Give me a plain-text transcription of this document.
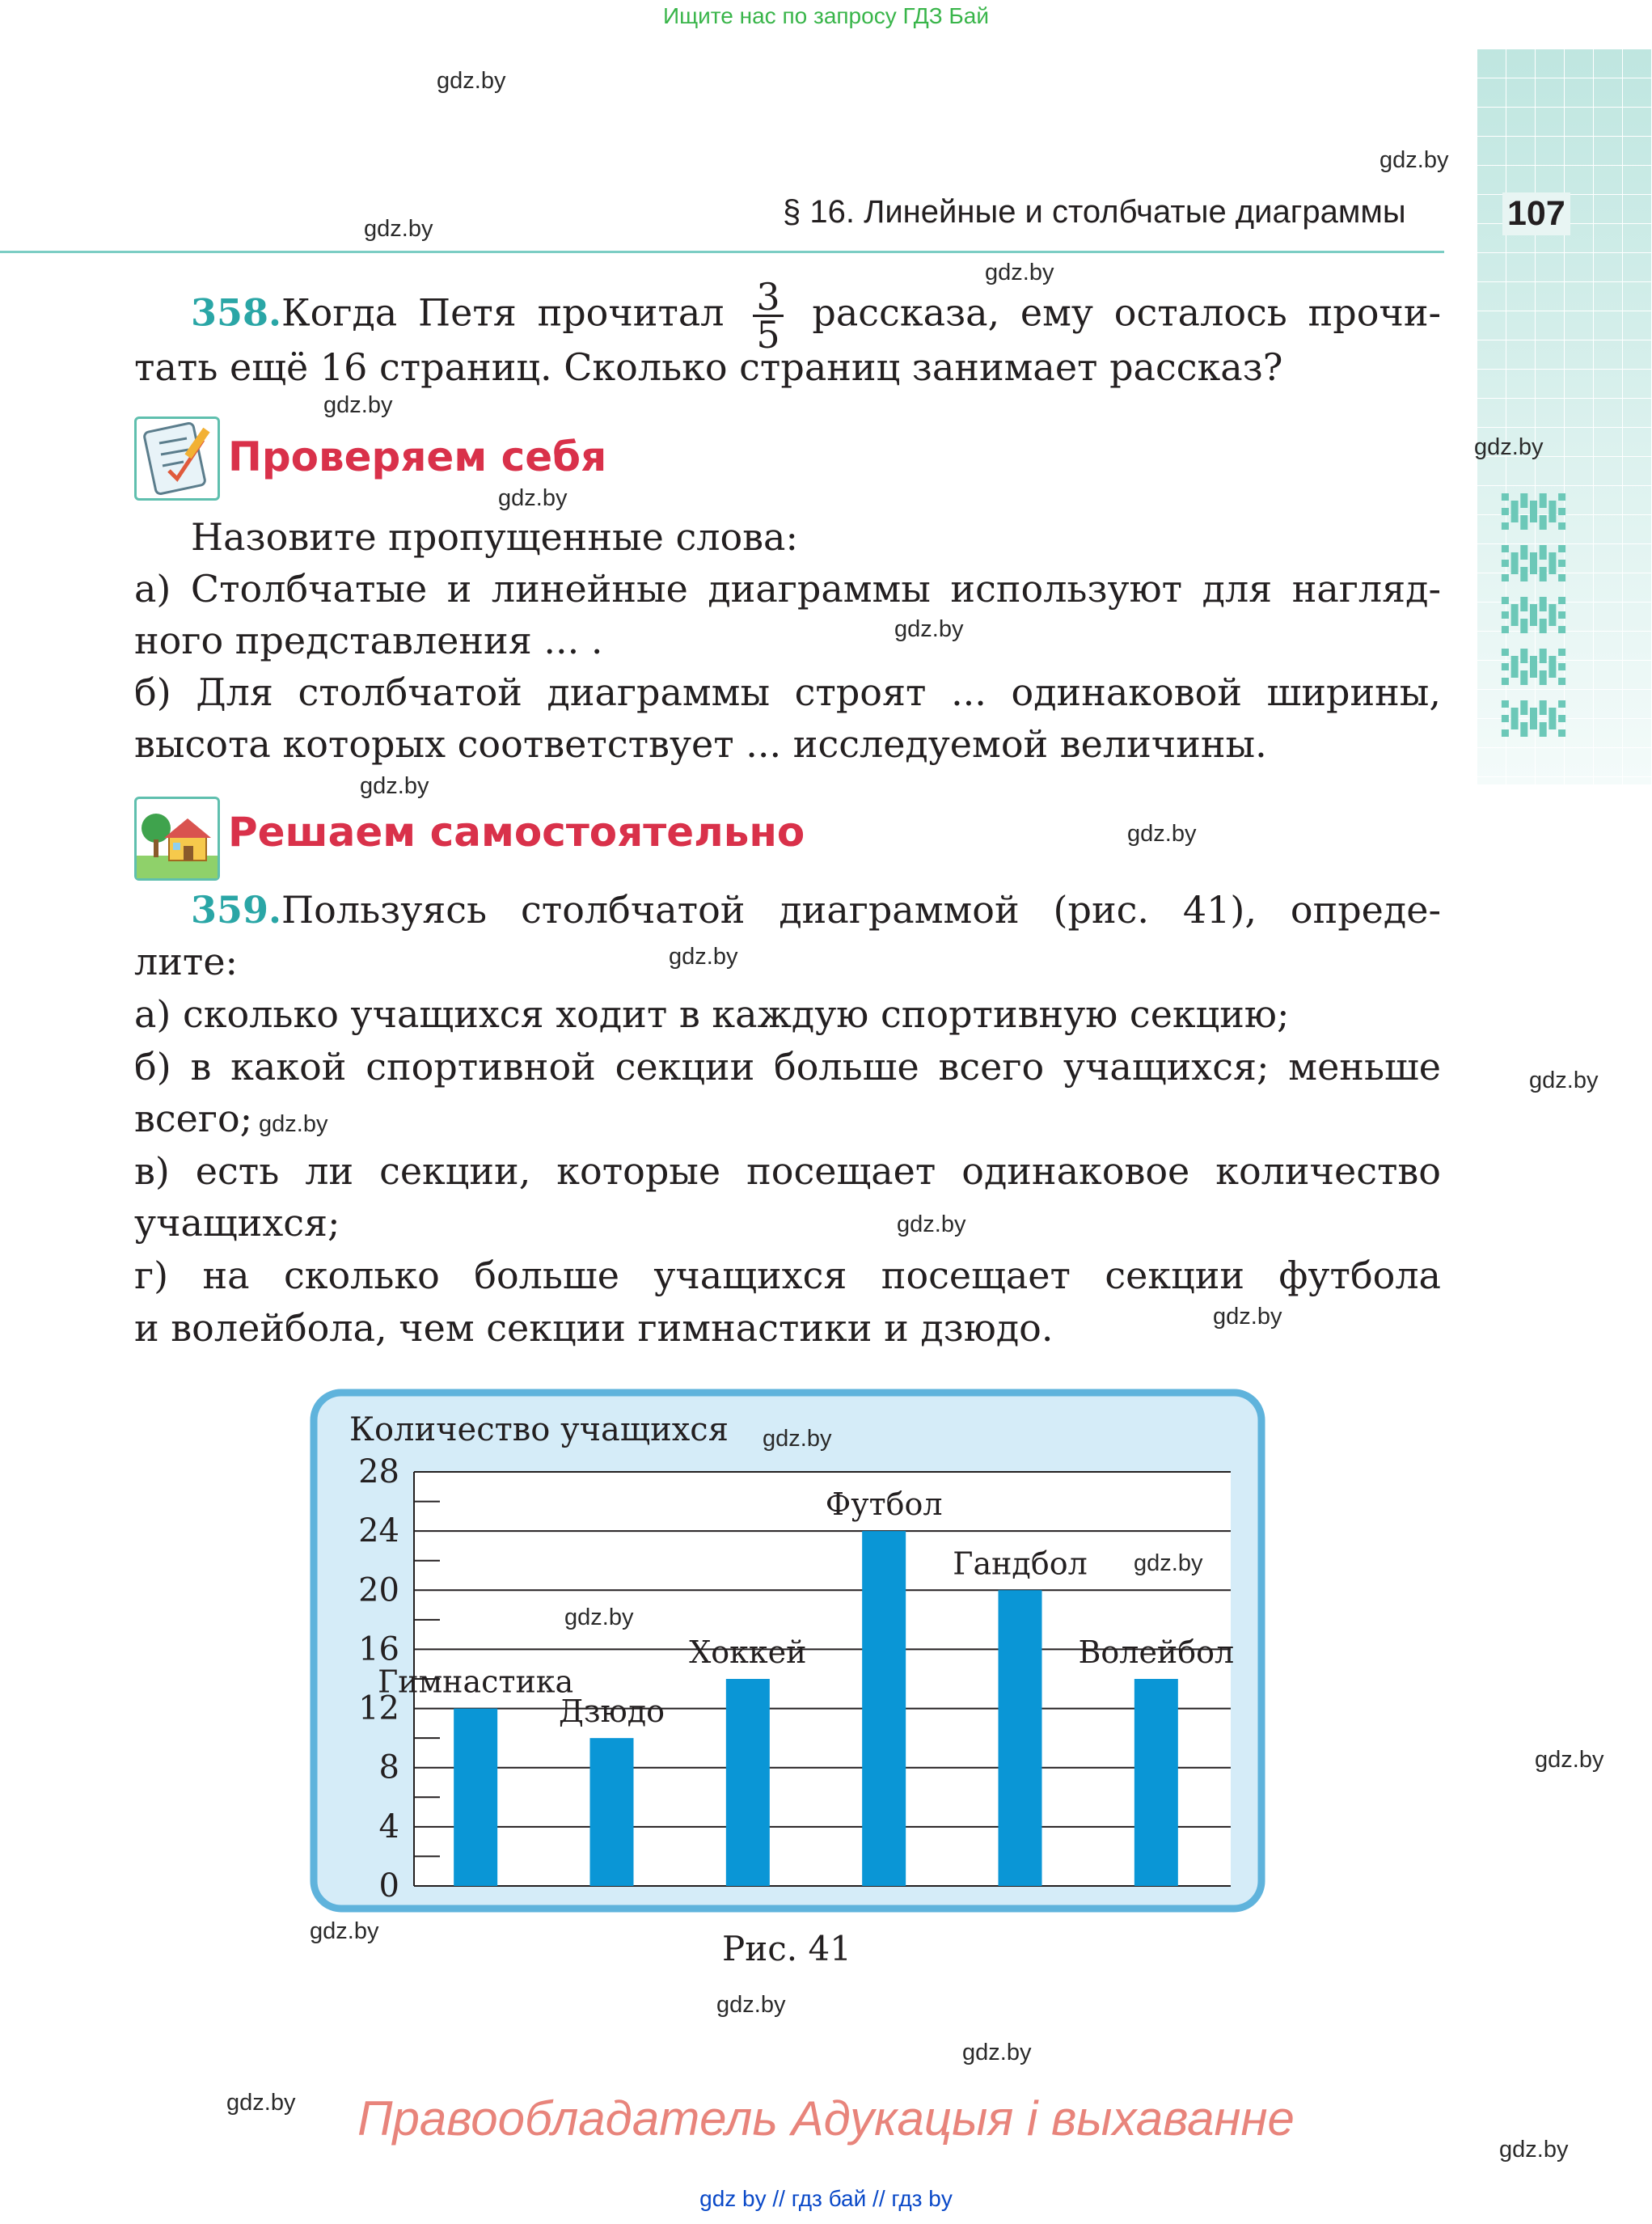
Ищите нас по запросу ГДЗ Бай
§ 16. Линейные и столбчатые диаграммы	107
358.Когда Петя прочитал $\frac{3}{5}$ рассказа, ему осталось прочи-
тать ещё 16 страниц. Сколько страниц занимает рассказ?
Проверяем себя
Назовите пропущенные слова:
а) Столбчатые и линейные диаграммы используют для нагляд-
ного представления ... .
б) Для столбчатой диаграммы строят ... одинаковой ширины,
высота которых соответствует ... исследуемой величины.
Решаем самостоятельно
359.Пользуясь столбчатой диаграммой (рис. 41), опреде-
лите:
а) сколько учащихся ходит в каждую спортивную секцию;
б) в какой спортивной секции больше всего учащихся; меньше
всего;
в) есть ли секции, которые посещает одинаковое количество
учащихся;
г) на сколько больше учащихся посещает секции футбола
и волейбола, чем секции гимнастики и дзюдо.
Количество учащихся
0
4
8
12
16
20
24
28
Гимнастика
Дзюдо
Хоккей
Футбол
Гандбол
Волейбол
Рис. 41
Правообладатель Адукацыя і выхаванне
gdz by // гдз бай // гдз by
gdz.by
gdz.by
gdz.by
gdz.by
gdz.by
gdz.by
gdz.by
gdz.by
gdz.by
gdz.by
gdz.by
gdz.by
gdz.by
gdz.by
gdz.by
gdz.by
gdz.by
gdz.by
gdz.by
gdz.by
gdz.by
gdz.by
gdz.by
gdz.by
